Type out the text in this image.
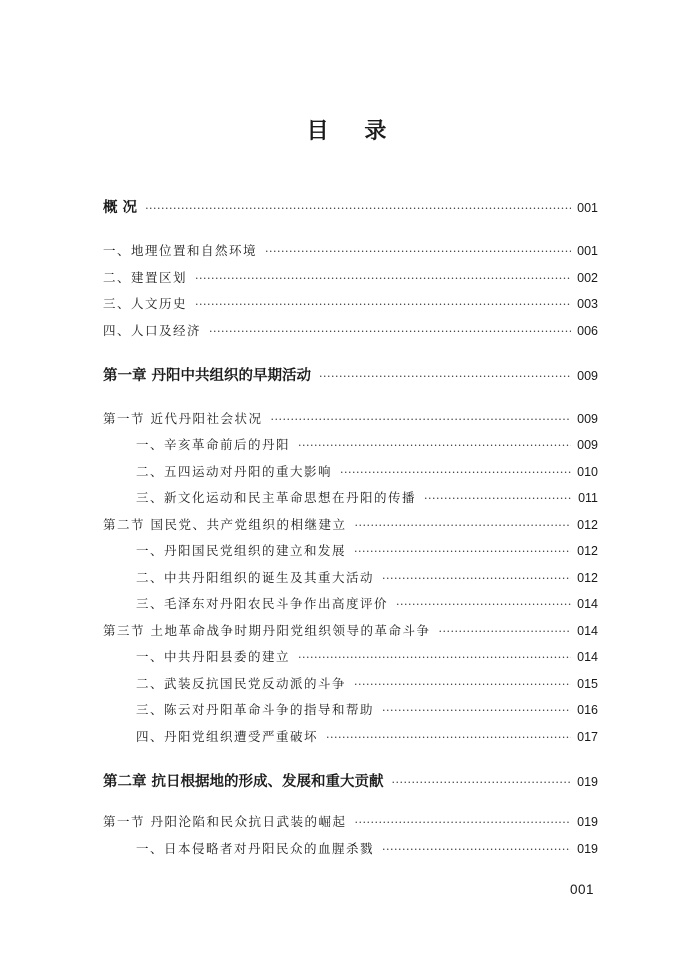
目 录
概 况 ·····	001
一、地理位置和自然环境 ·····	001
二、建置区划 ·····	002
三、人文历史 ·····	003
四、人口及经济 ·····	006
第一章 丹阳中共组织的早期活动 ·····	009
第一节 近代丹阳社会状况 ·····	009
一、辛亥革命前后的丹阳 ·····	009
二、五四运动对丹阳的重大影响 ·····	010
三、新文化运动和民主革命思想在丹阳的传播 ·····	011
第二节 国民党、共产党组织的相继建立 ·····	012
一、丹阳国民党组织的建立和发展 ·····	012
二、中共丹阳组织的诞生及其重大活动 ·····	012
三、毛泽东对丹阳农民斗争作出高度评价 ·····	014
第三节 土地革命战争时期丹阳党组织领导的革命斗争 ·····	014
一、中共丹阳县委的建立 ·····	014
二、武装反抗国民党反动派的斗争 ·····	015
三、陈云对丹阳革命斗争的指导和帮助 ·····	016
四、丹阳党组织遭受严重破坏 ·····	017
第二章 抗日根据地的形成、发展和重大贡献 ·····	019
第一节 丹阳沦陷和民众抗日武装的崛起 ·····	019
一、日本侵略者对丹阳民众的血腥杀戮 ·····	019
001
